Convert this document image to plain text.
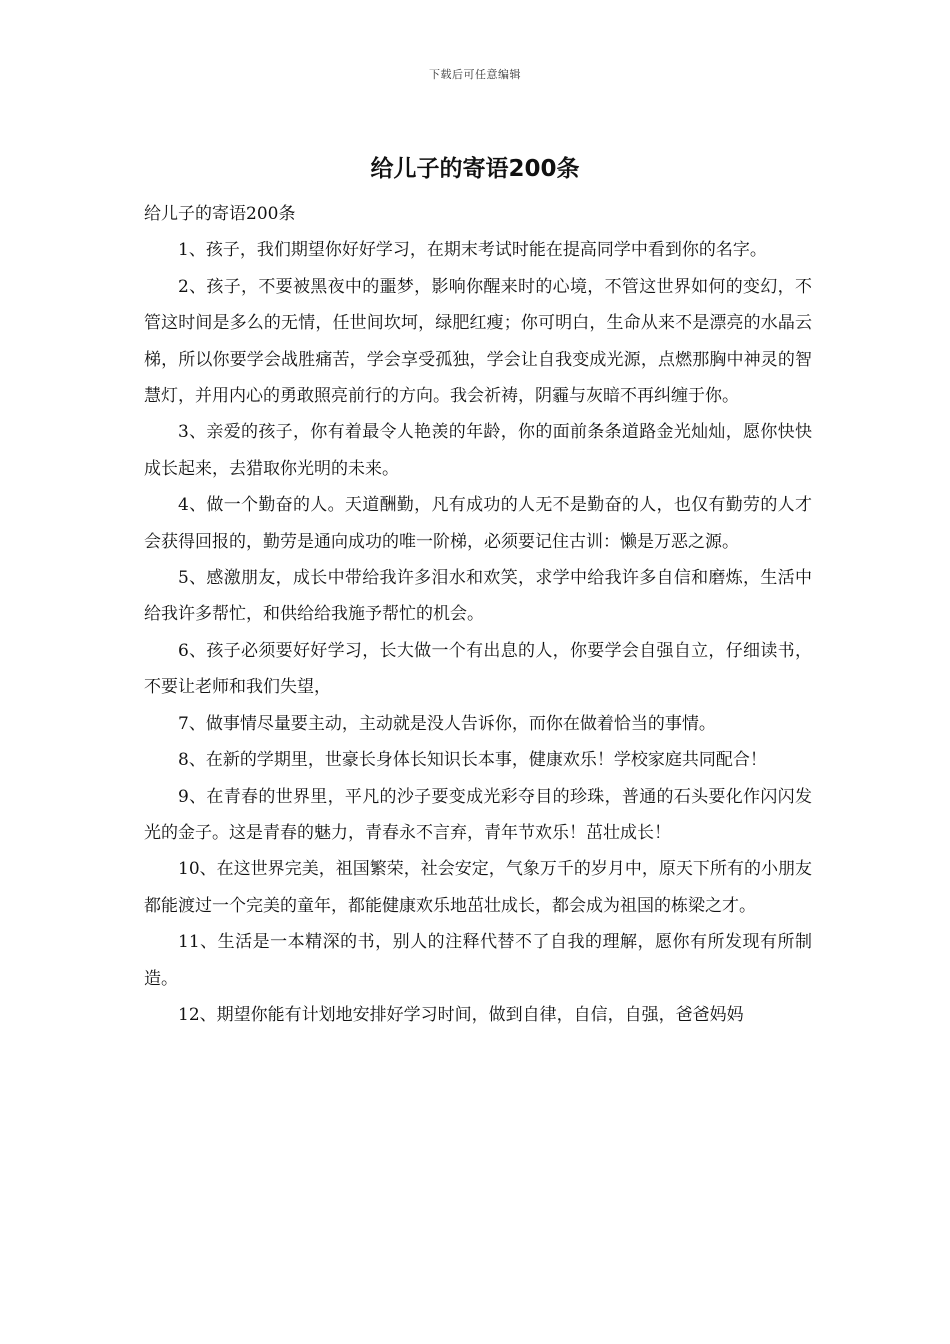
下载后可任意编辑
给儿子的寄语200条

给儿子的寄语200条

1、孩子，我们期望你好好学习，在期末考试时能在提高同学中看到你的名字。

2、孩子，不要被黑夜中的噩梦，影响你醒来时的心境，不管这世界如何的变幻，不管这时间是多么的无情，任世间坎坷，绿肥红瘦；你可明白，生命从来不是漂亮的水晶云梯，所以你要学会战胜痛苦，学会享受孤独，学会让自我变成光源，点燃那胸中神灵的智慧灯，并用内心的勇敢照亮前行的方向。我会祈祷，阴霾与灰暗不再纠缠于你。

3、亲爱的孩子，你有着最令人艳羡的年龄，你的面前条条道路金光灿灿，愿你快快成长起来，去猎取你光明的未来。

4、做一个勤奋的人。天道酬勤，凡有成功的人无不是勤奋的人，也仅有勤劳的人才会获得回报的，勤劳是通向成功的唯一阶梯，必须要记住古训：懒是万恶之源。

5、感激朋友，成长中带给我许多泪水和欢笑，求学中给我许多自信和磨炼，生活中给我许多帮忙，和供给给我施予帮忙的机会。

6、孩子必须要好好学习，长大做一个有出息的人，你要学会自强自立，仔细读书，不要让老师和我们失望，

7、做事情尽量要主动，主动就是没人告诉你，而你在做着恰当的事情。

8、在新的学期里，世豪长身体长知识长本事，健康欢乐！学校家庭共同配合！

9、在青春的世界里，平凡的沙子要变成光彩夺目的珍珠，普通的石头要化作闪闪发光的金子。这是青春的魅力，青春永不言弃，青年节欢乐！茁壮成长！

10、在这世界完美，祖国繁荣，社会安定，气象万千的岁月中，原天下所有的小朋友都能渡过一个完美的童年，都能健康欢乐地茁壮成长，都会成为祖国的栋梁之才。

11、生活是一本精深的书，别人的注释代替不了自我的理解，愿你有所发现有所制造。

12、期望你能有计划地安排好学习时间，做到自律，自信，自强，爸爸妈妈
